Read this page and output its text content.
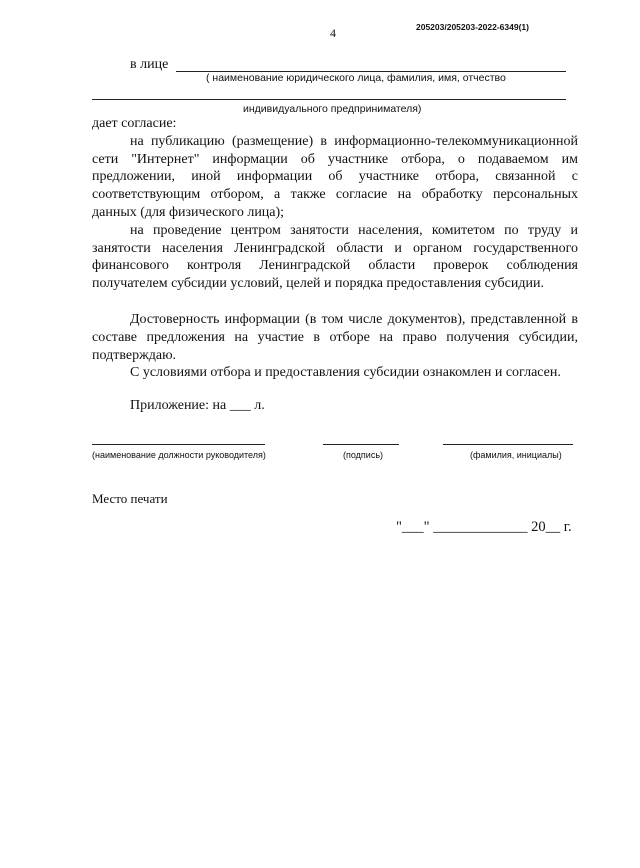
4	205203/205203-2022-6349(1)
в лице
( наименование юридического лица, фамилия, имя, отчество
индивидуального предпринимателя)

дает согласие:

на публикацию (размещение) в информационно-телекоммуникационной сети "Интернет" информации об участнике отбора, о подаваемом им предложении, иной информации об участнике отбора, связанной с соответствующим отбором, а также согласие на обработку персональных данных (для физического лица);

на проведение центром занятости населения, комитетом по труду и занятости населения Ленинградской области и органом государственного финансового контроля Ленинградской области проверок соблюдения получателем субсидии условий, целей и порядка предоставления субсидии.

Достоверность информации (в том числе документов), представленной в составе предложения на участие в отборе на право получения субсидии, подтверждаю.

С условиями отбора и предоставления субсидии ознакомлен и согласен.

Приложение: на ___ л.
(наименование должности руководителя)	(подпись)	(фамилия, инициалы)
Место печати
"___" _____________ 20__ г.
